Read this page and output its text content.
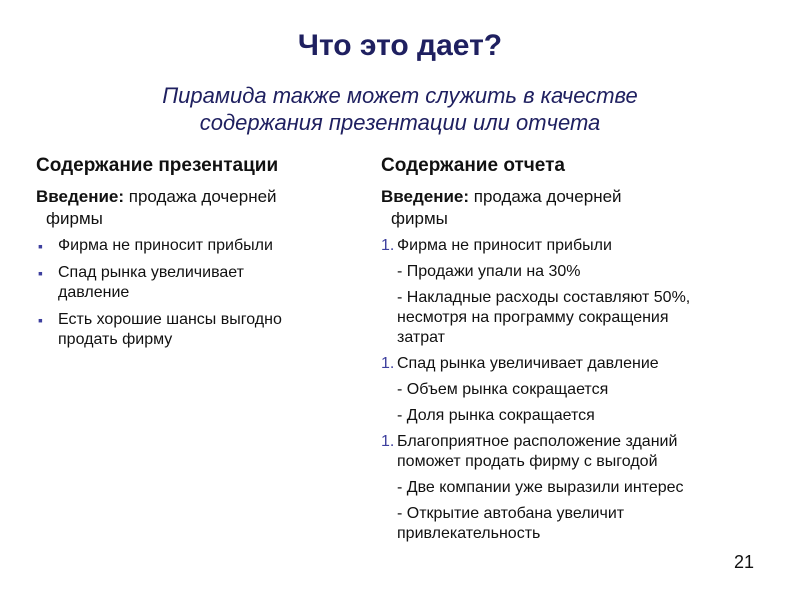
Что это дает?
Пирамида также может служить в качестве
содержания презентации или отчета
Содержание презентации
Введение: продажа дочерней
фирмы
▪ Фирма не приносит прибыли
▪ Спад рынка увеличивает
давление
▪ Есть хорошие шансы выгодно
продать фирму
Содержание отчета
Введение: продажа дочерней
фирмы
1. Фирма не приносит прибыли
- Продажи упали на 30%
- Накладные расходы составляют 50%,
несмотря на программу сокращения
затрат
1. Спад рынка увеличивает давление
- Объем рынка сокращается
- Доля рынка сокращается
1. Благоприятное расположение зданий
поможет продать фирму с выгодой
- Две компании уже выразили интерес
- Открытие автобана увеличит
привлекательность
21
